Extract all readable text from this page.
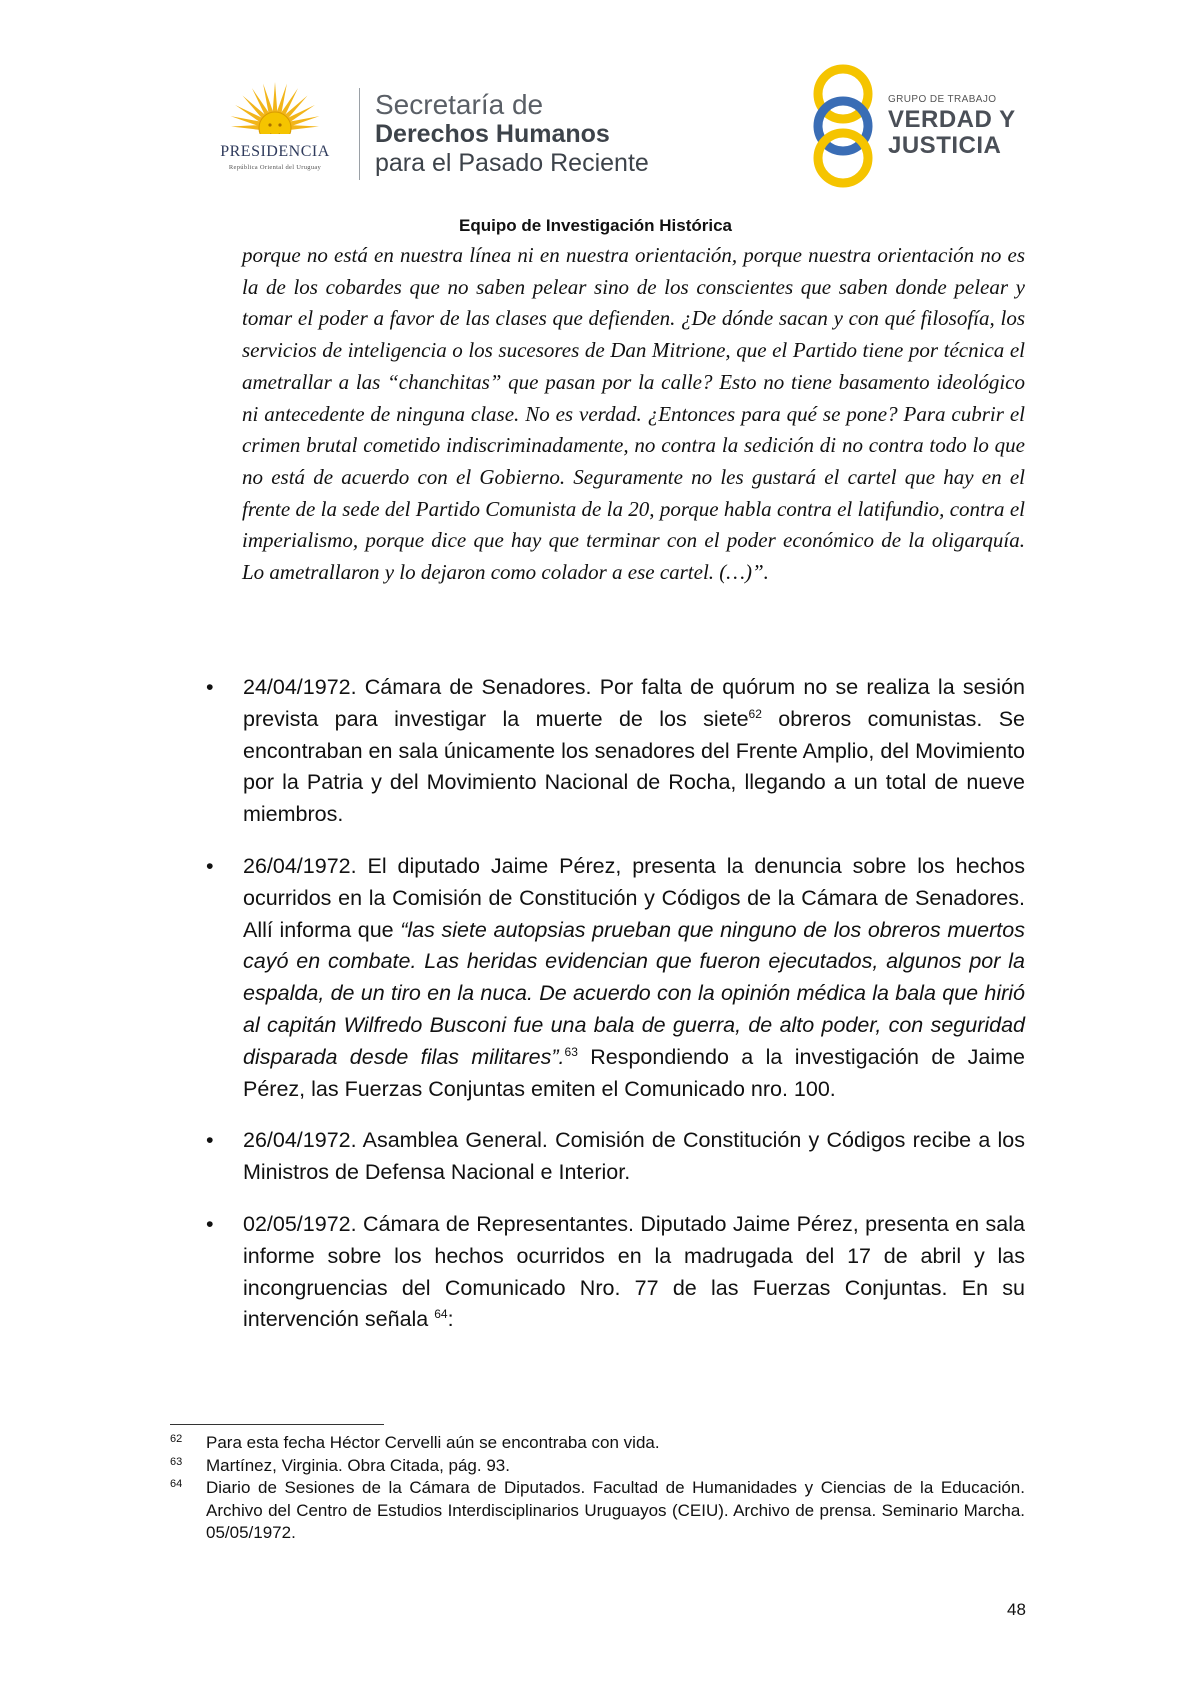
PRESIDENCIA
República Oriental del Uruguay
Secretaría de
Derechos Humanos
para el Pasado Reciente
GRUPO DE TRABAJO
VERDAD Y
JUSTICIA
Equipo de Investigación Histórica

porque no está en nuestra línea ni en nuestra orientación, porque nuestra orientación no es la de los cobardes que no saben pelear sino de los conscientes que saben donde pelear y tomar el poder a favor de las clases que defienden. ¿De dónde sacan y con qué filosofía, los servicios de inteligencia o los sucesores de Dan Mitrione, que el Partido tiene por técnica el ametrallar a las “chanchitas” que pasan por la calle? Esto no tiene basamento ideológico ni antecedente de ninguna clase. No es verdad. ¿Entonces para qué se pone? Para cubrir el crimen brutal cometido indiscriminadamente, no contra la sedición di no contra todo lo que no está de acuerdo con el Gobierno. Seguramente no les gustará el cartel que hay en el frente de la sede del Partido Comunista de la 20, porque habla contra el latifundio, contra el imperialismo, porque dice que hay que terminar con el poder económico de la oligarquía. Lo ametrallaron y lo dejaron como colador a ese cartel. (…)”.

• 24/04/1972. Cámara de Senadores. Por falta de quórum no se realiza la sesión prevista para investigar la muerte de los siete$^{62}$ obreros comunistas. Se encontraban en sala únicamente los senadores del Frente Amplio, del Movimiento por la Patria y del Movimiento Nacional de Rocha, llegando a un total de nueve miembros.
• 26/04/1972. El diputado Jaime Pérez, presenta la denuncia sobre los hechos ocurridos en la Comisión de Constitución y Códigos de la Cámara de Senadores. Allí informa que “las siete autopsias prueban que ninguno de los obreros muertos cayó en combate. Las heridas evidencian que fueron ejecutados, algunos por la espalda, de un tiro en la nuca. De acuerdo con la opinión médica la bala que hirió al capitán Wilfredo Busconi fue una bala de guerra, de alto poder, con seguridad disparada desde filas militares”.$^{63}$ Respondiendo a la investigación de Jaime Pérez, las Fuerzas Conjuntas emiten el Comunicado nro. 100.
• 26/04/1972. Asamblea General. Comisión de Constitución y Códigos recibe a los Ministros de Defensa Nacional e Interior.
• 02/05/1972. Cámara de Representantes. Diputado Jaime Pérez, presenta en sala informe sobre los hechos ocurridos en la madrugada del 17 de abril y las incongruencias del Comunicado Nro. 77 de las Fuerzas Conjuntas. En su intervención señala $^{64}$:
62 Para esta fecha Héctor Cervelli aún se encontraba con vida.
63 Martínez, Virginia. Obra Citada, pág. 93.
64 Diario de Sesiones de la Cámara de Diputados. Facultad de Humanidades y Ciencias de la Educación. Archivo del Centro de Estudios Interdisciplinarios Uruguayos (CEIU). Archivo de prensa. Seminario Marcha. 05/05/1972.
48
